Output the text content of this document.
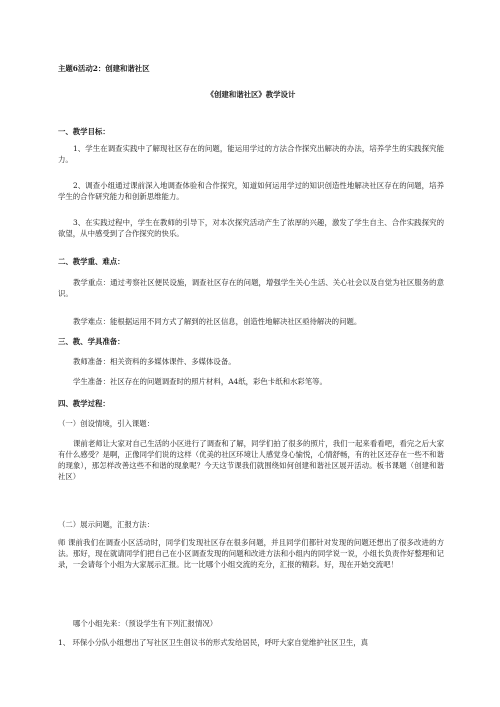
主题6活动2：创建和谐社区
《创建和谐社区》教学设计
一、教学目标：
1、学生在调查实践中了解现社区存在的问题，能运用学过的方法合作探究出解决的办法，培养学生的实践探究能力。
2、调查小组通过课前深入地调查体验和合作探究，知道如何运用学过的知识创造性地解决社区存在的问题，培养学生的合作研究能力和创新思维能力。
3、在实践过程中，学生在教师的引导下，对本次探究活动产生了浓厚的兴趣，激发了学生自主、合作实践探究的欲望，从中感受到了合作探究的快乐。
二、教学重、难点：
教学重点：通过考察社区便民设施，调查社区存在的问题，增强学生关心生活、关心社会以及自觉为社区服务的意识。
教学难点：能根据运用不同方式了解到的社区信息，创造性地解决社区亟待解决的问题。
三、教、学具准备：
教师准备：相关资料的多媒体课件、多媒体设备。
学生准备：社区存在的问题调查时的照片材料，A4纸，彩色卡纸和水彩笔等。
四、教学过程：
（一）创设情境，引入课题：
课前老师让大家对自己生活的小区进行了调查和了解，同学们拍了很多的照片，我们一起来看看吧，看完之后大家有什么感受？是啊，正像同学们说的这样（优美的社区环境让人感觉身心愉悦，心情舒畅，有的社区还存在一些不和谐的现象），那怎样改善这些不和谐的现象呢？今天这节课我们就围绕如何创建和谐社区展开活动。板书课题（创建和谐社区）
（二）展示问题，汇报方法：
师 课前我们在调查小区活动时，同学们发现社区存在很多问题，并且同学们都针对发现的问题还想出了很多改进的方法。那好，现在就请同学们把自己在小区调查发现的问题和改进方法和小组内的同学说一说，小组长负责作好整理和记录，一会请每个小组为大家展示汇报。比一比哪个小组交流的充分，汇报的精彩。好，现在开始交流吧！
哪个小组先来：（预设学生有下列汇报情况）
1、 环保小分队小组想出了写社区卫生倡议书的形式发给居民，呼吁大家自觉维护社区卫生，真
